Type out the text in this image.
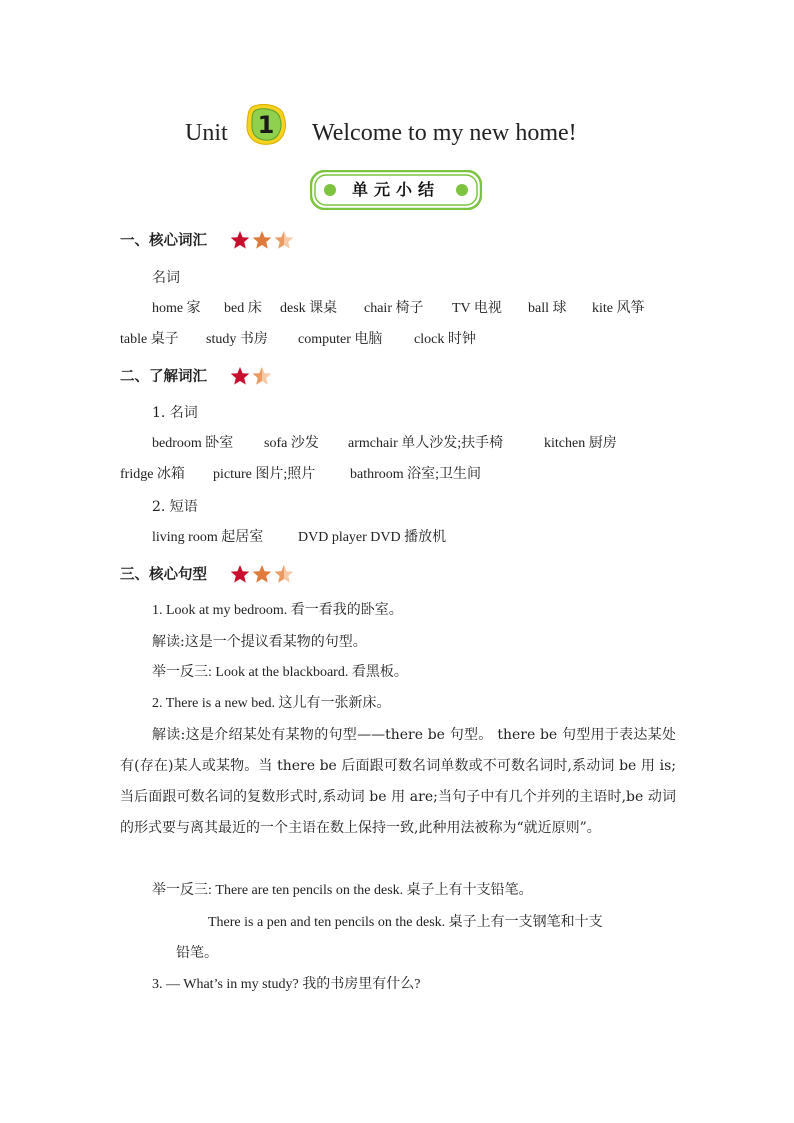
Unit 1 Welcome to my new home!
单元小结
一、核心词汇
名词
home 家 bed 床 desk 课桌 chair 椅子 TV 电视 ball 球 kite 风筝
table 桌子 study 书房 computer 电脑 clock 时钟
二、了解词汇
1. 名词
bedroom 卧室 sofa 沙发 armchair 单人沙发;扶手椅	kitchen 厨房
fridge 冰箱 picture 图片;照片 bathroom 浴室;卫生间
2. 短语
living room 起居室 DVD player DVD 播放机
三、核心句型
1. Look at my bedroom. 看一看我的卧室。
解读:这是一个提议看某物的句型。
举一反三: Look at the blackboard. 看黑板。
2. There is a new bed. 这儿有一张新床。
解读:这是介绍某处有某物的句型——there be 句型。 there be 句型用于表达某处有(存在)某人或某物。当 there be 后面跟可数名词单数或不可数名词时,系动词 be 用 is;当后面跟可数名词的复数形式时,系动词 be 用 are;当句子中有几个并列的主语时,be 动词的形式要与离其最近的一个主语在数上保持一致,此种用法被称为“就近原则”。
举一反三: There are ten pencils on the desk. 桌子上有十支铅笔。
There is a pen and ten pencils on the desk. 桌子上有一支钢笔和十支
铅笔。
3. — What’s in my study? 我的书房里有什么?
